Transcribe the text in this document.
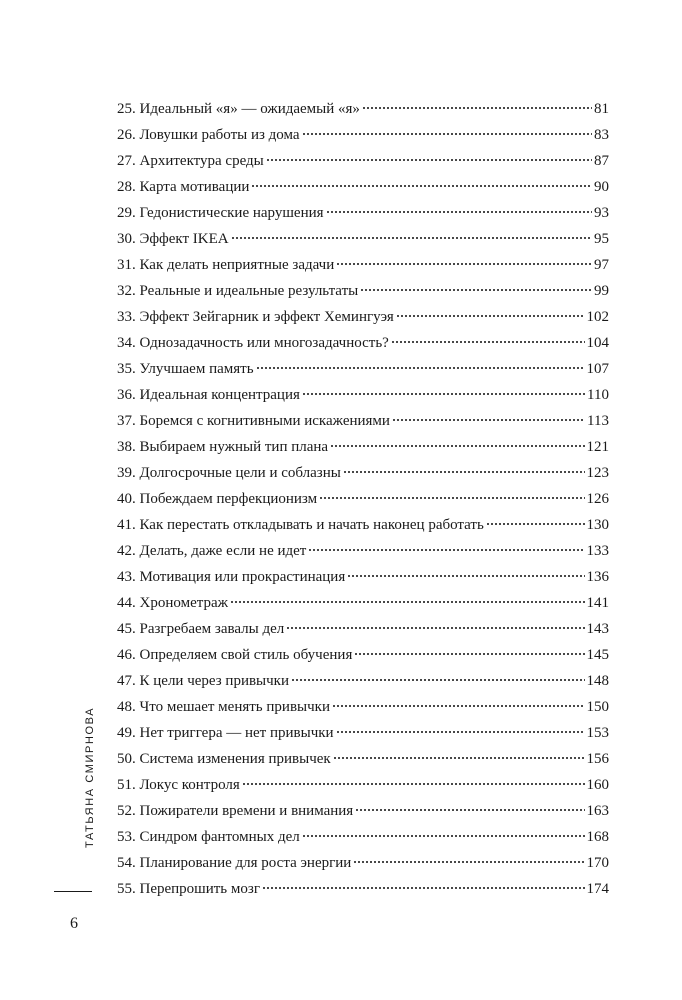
25. Идеальный «я» — ожидаемый «я»	81
26. Ловушки работы из дома	83
27. Архитектура среды	87
28. Карта мотивации	90
29. Гедонистические нарушения	93
30. Эффект IKEA	95
31. Как делать неприятные задачи	97
32. Реальные и идеальные результаты	99
33. Эффект Зейгарник и эффект Хемингуэя	102
34. Однозадачность или многозадачность?	104
35. Улучшаем память	107
36. Идеальная концентрация	110
37. Боремся с когнитивными искажениями	113
38. Выбираем нужный тип плана	121
39. Долгосрочные цели и соблазны	123
40. Побеждаем перфекционизм	126
41. Как перестать откладывать и начать наконец работать	130
42. Делать, даже если не идет	133
43. Мотивация или прокрастинация	136
44. Хронометраж	141
45. Разгребаем завалы дел	143
46. Определяем свой стиль обучения	145
47. К цели через привычки	148
48. Что мешает менять привычки	150
49. Нет триггера — нет привычки	153
50. Система изменения привычек	156
51. Локус контроля	160
52. Пожиратели времени и внимания	163
53. Синдром фантомных дел	168
54. Планирование для роста энергии	170
55. Перепрошить мозг	174
ТАТЬЯНА СМИРНОВА
6
